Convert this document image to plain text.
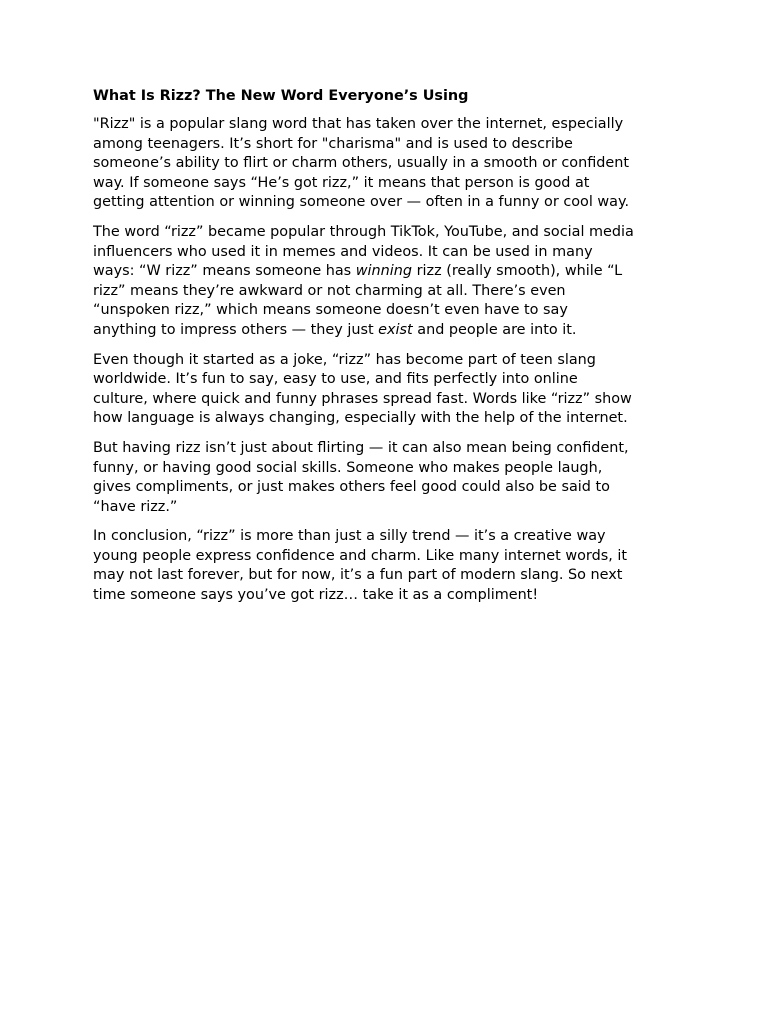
What Is Rizz? The New Word Everyone’s Using
"Rizz" is a popular slang word that has taken over the internet, especially
among teenagers. It’s short for "charisma" and is used to describe
someone’s ability to flirt or charm others, usually in a smooth or confident
way. If someone says “He’s got rizz,” it means that person is good at
getting attention or winning someone over — often in a funny or cool way.
The word “rizz” became popular through TikTok, YouTube, and social media
influencers who used it in memes and videos. It can be used in many
ways: “W rizz” means someone has winning rizz (really smooth), while “L
rizz” means they’re awkward or not charming at all. There’s even
“unspoken rizz,” which means someone doesn’t even have to say
anything to impress others — they just exist and people are into it.
Even though it started as a joke, “rizz” has become part of teen slang
worldwide. It’s fun to say, easy to use, and fits perfectly into online
culture, where quick and funny phrases spread fast. Words like “rizz” show
how language is always changing, especially with the help of the internet.
But having rizz isn’t just about flirting — it can also mean being confident,
funny, or having good social skills. Someone who makes people laugh,
gives compliments, or just makes others feel good could also be said to
“have rizz.”
In conclusion, “rizz” is more than just a silly trend — it’s a creative way
young people express confidence and charm. Like many internet words, it
may not last forever, but for now, it’s a fun part of modern slang. So next
time someone says you’ve got rizz… take it as a compliment!
